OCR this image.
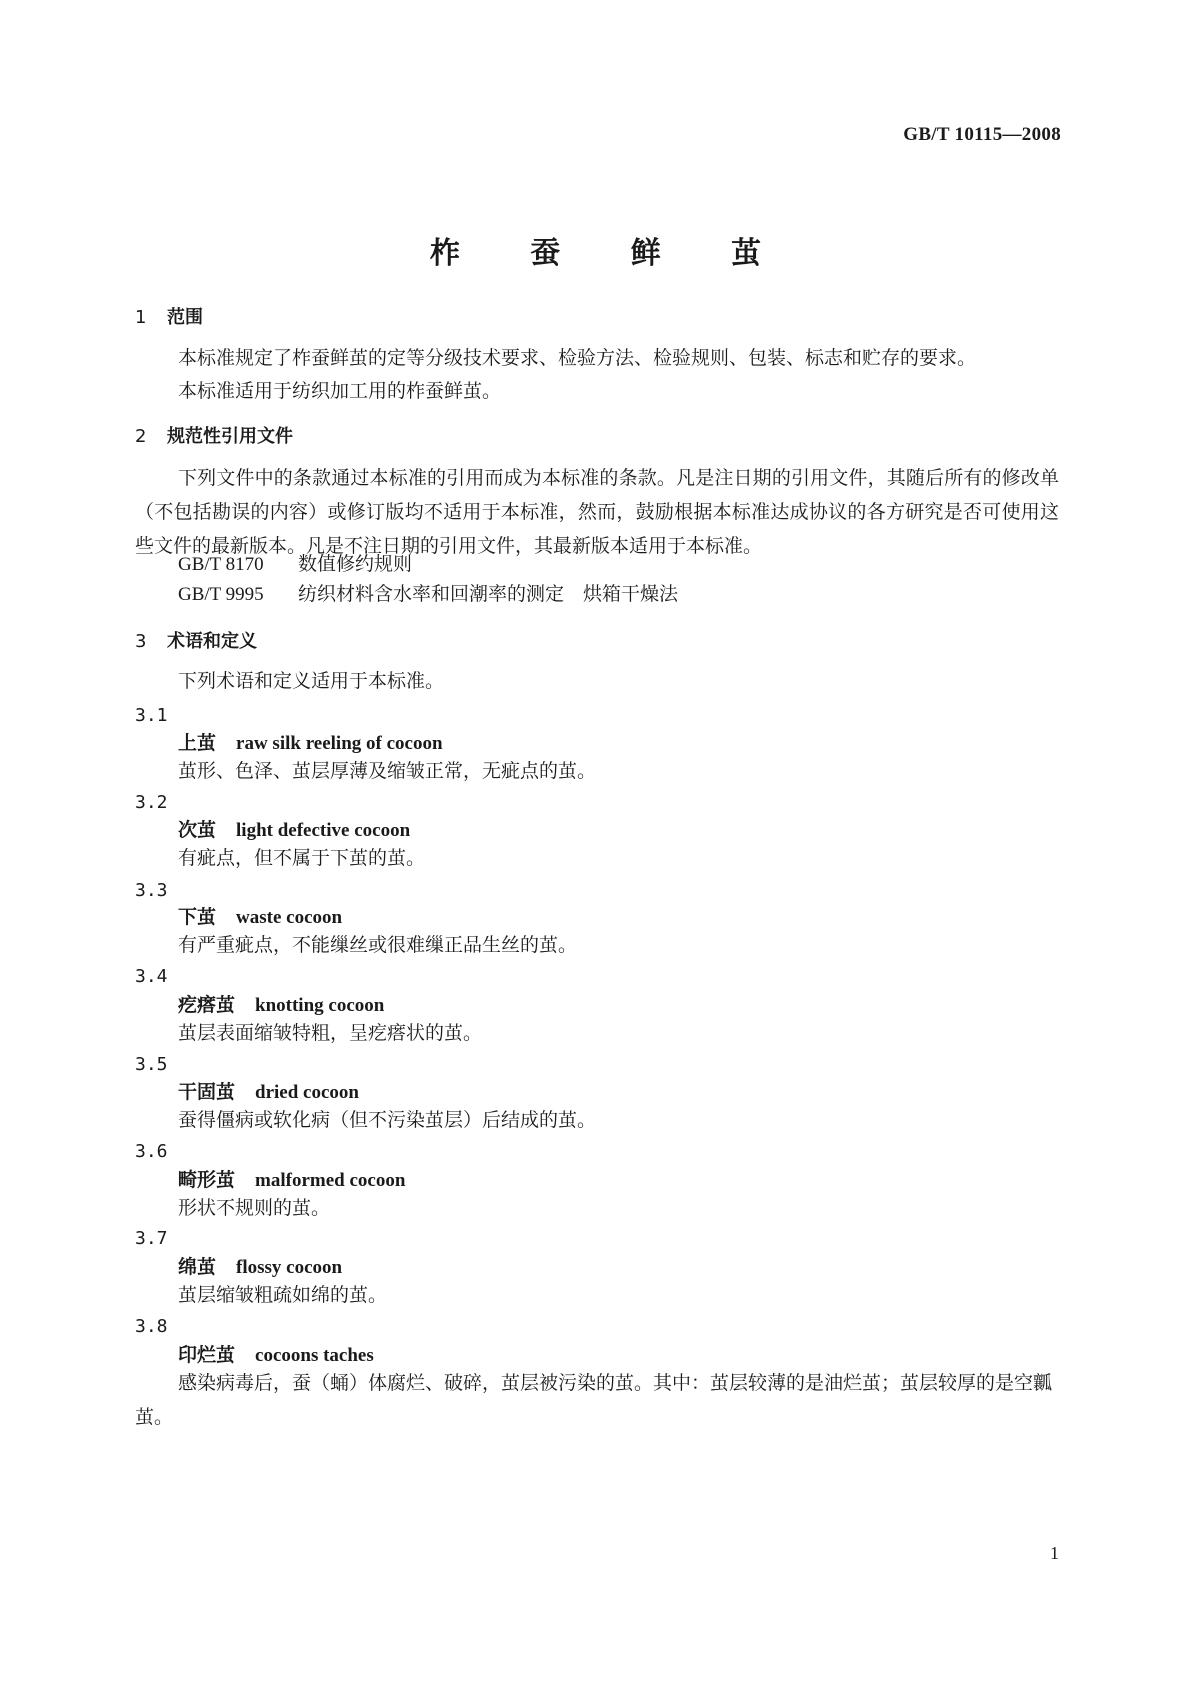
GB/T 10115—2008
柞 蚕 鲜 茧
1 范围
本标准规定了柞蚕鲜茧的定等分级技术要求、检验方法、检验规则、包装、标志和贮存的要求。
本标准适用于纺织加工用的柞蚕鲜茧。
2 规范性引用文件
下列文件中的条款通过本标准的引用而成为本标准的条款。凡是注日期的引用文件，其随后所有的修改单（不包括勘误的内容）或修订版均不适用于本标准，然而，鼓励根据本标准达成协议的各方研究是否可使用这些文件的最新版本。凡是不注日期的引用文件，其最新版本适用于本标准。
GB/T 8170 数值修约规则
GB/T 9995 纺织材料含水率和回潮率的测定　烘箱干燥法
3 术语和定义
下列术语和定义适用于本标准。
3.1
上茧 raw silk reeling of cocoon
茧形、色泽、茧层厚薄及缩皱正常，无疵点的茧。
3.2
次茧 light defective cocoon
有疵点，但不属于下茧的茧。
3.3
下茧 waste cocoon
有严重疵点，不能缫丝或很难缫正品生丝的茧。
3.4
疙瘩茧 knotting cocoon
茧层表面缩皱特粗，呈疙瘩状的茧。
3.5
干固茧 dried cocoon
蚕得僵病或软化病（但不污染茧层）后结成的茧。
3.6
畸形茧 malformed cocoon
形状不规则的茧。
3.7
绵茧 flossy cocoon
茧层缩皱粗疏如绵的茧。
3.8
印烂茧 cocoons taches
感染病毒后，蚕（蛹）体腐烂、破碎，茧层被污染的茧。其中：茧层较薄的是油烂茧；茧层较厚的是空瓤茧。
1
